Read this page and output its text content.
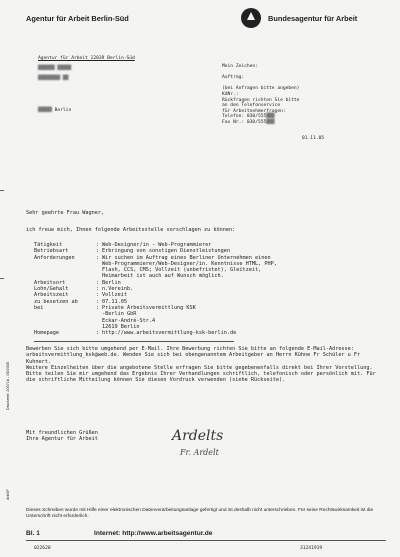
Agentur für Arbeit Berlin-Süd	Bundesagentur für Arbeit
Agentur für Arbeit 12039 Berlin-Süd
██████ █████
████████ ██
█████ Berlin
Mein Zeichen:

Auftrag:

(bei Anfragen bitte angeben)
KdNr.:
Rückfragen richten Sie bitte
an den Telefonservice
für Arbeitnehmerfragen:
Telefon: 030/555███
Fax Nr.: 030/555███
01.11.05
Sehr geehrte Frau Wagner,
ich freue mich, Ihnen folgende Arbeitsstelle vorschlagen zu können:
Tätigkeit	: Web-Designer/in - Web-Programmierer
Betriebsart	: Erbringung von sonstigen Dienstleistungen
Anforderungen	: Wir suchen im Auftrag eines Berliner Unternehmen einen
Web-Programmierer/Web-Designer/in. Kenntnisse HTML, PHP,
Flash, CCS, CMS; Vollzeit (unbefristet), Gleitzeit,
Heimarbeit ist auch auf Wunsch möglich.
Arbeitsort	: Berlin
Lohn/Gehalt	: n.Vereinb.
Arbeitszeit	: Vollzeit
zu besetzen ab	: 07.11.05
bei	: Private Arbeitsvermittlung KSK
-Berlin GbR
Eckar-André-Str.4
12619 Berlin
Homepage	: http://www.arbeitsvermittlung-ksk-berlin.de
Bewerben Sie sich bitte umgehend per E-Mail. Ihre Bewerbung richten Sie bitte an folgende E-Mail-Adresse: arbeitsvermittlung_ksk@web.de. Wenden Sie sich bei obengenanntem Arbeitgeber an Herrn Kühne Fr Schüler u Fr Kuhnert.
Weitere Einzelheiten über die angebotene Stelle erfragen Sie bitte gegebenenfalls direkt bei Ihrer Vorstellung.
Bitte teilen Sie mir umgehend das Ergebnis Ihrer Verhandlungen schriftlich, telefonisch oder persönlich mit. Für die schriftliche Mitteilung können Sie diesen Vordruck verwenden (siehe Rückseite).
Mit freundlichen Grüßen
Ihre Agentur für Arbeit	Ardelts
Fr. Ardelt
Druckerei: 20071b - 09/2005
ArbVF
Dieses Schreiben wurde mit Hilfe einer elektronischen Datenverarbeitungsanlage gefertigt und ist deshalb nicht unterschrieben. Für seine Rechtswirksamkeit ist die Unterschrift nicht erforderlich.
Bl. 1	Internet: http://www.arbeitsagentur.de
022620	31241919
